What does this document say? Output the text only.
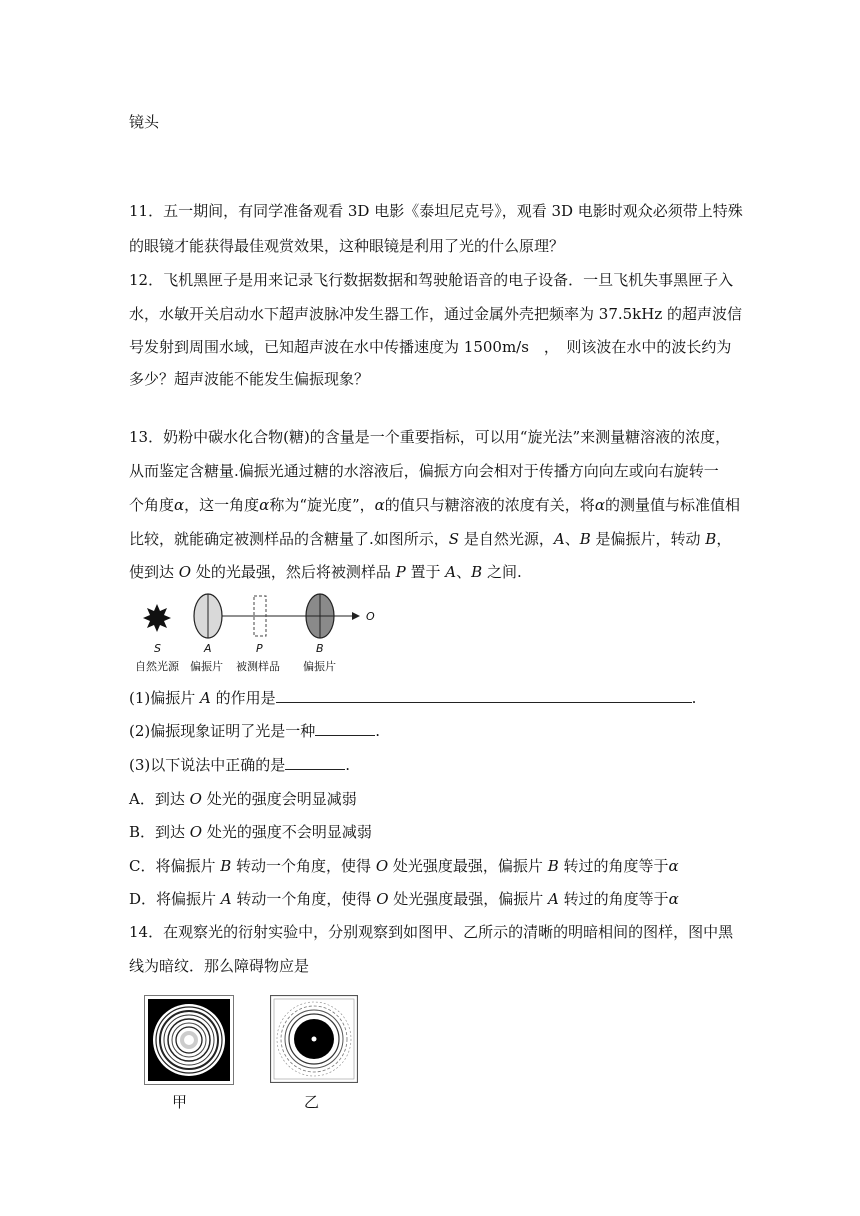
镜头
11．五一期间，有同学准备观看 3D 电影《泰坦尼克号》，观看 3D 电影时观众必须带上特殊
的眼镜才能获得最佳观赏效果，这种眼镜是利用了光的什么原理？
12．飞机黑匣子是用来记录飞行数据数据和驾驶舱语音的电子设备．一旦飞机失事黑匣子入
水，水敏开关启动水下超声波脉冲发生器工作，通过金属外壳把频率为 37.5kHz 的超声波信
号发射到周围水域，已知超声波在水中传播速度为 1500m/s　，　则该波在水中的波长约为
多少？超声波能不能发生偏振现象？
13．奶粉中碳水化合物(糖)的含量是一个重要指标，可以用“旋光法”来测量糖溶液的浓度，
从而鉴定含糖量.偏振光通过糖的水溶液后，偏振方向会相对于传播方向向左或向右旋转一
个角度α，这一角度α称为“旋光度”，α的值只与糖溶液的浓度有关，将α的测量值与标准值相
比较，就能确定被测样品的含糖量了.如图所示，S 是自然光源，A、B 是偏振片，转动 B，
使到达 O 处的光最强，然后将被测样品 P 置于 A、B 之间.
O
S	A	P	B
自然光源 偏振片 被测样品 偏振片
(1)偏振片 A 的作用是	.
(2)偏振现象证明了光是一种	.
(3)以下说法中正确的是	.
A．到达 O 处光的强度会明显减弱
B．到达 O 处光的强度不会明显减弱
C．将偏振片 B 转动一个角度，使得 O 处光强度最强，偏振片 B 转过的角度等于α
D．将偏振片 A 转动一个角度，使得 O 处光强度最强，偏振片 A 转过的角度等于α
14．在观察光的衍射实验中，分别观察到如图甲、乙所示的清晰的明暗相间的图样，图中黑
线为暗纹．那么障碍物应是
甲	乙
